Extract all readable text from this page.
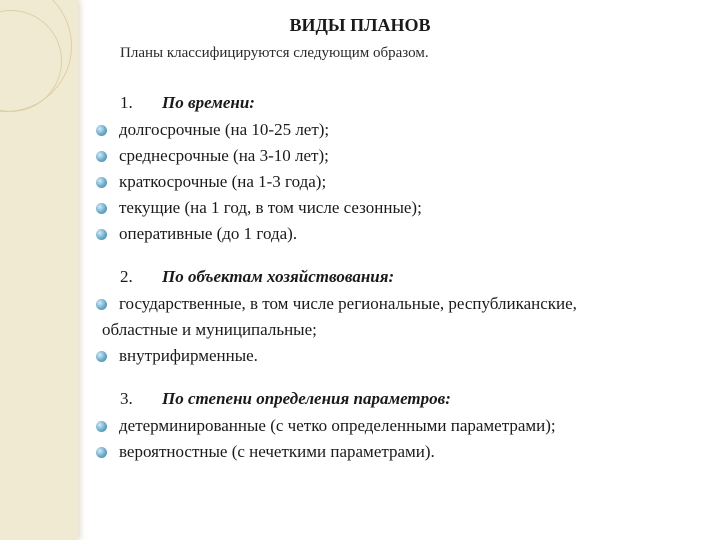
ВИДЫ ПЛАНОВ
Планы классифицируются следующим образом.
1. По времени:
долгосрочные (на 10-25 лет);
среднесрочные (на 3-10 лет);
краткосрочные (на 1-3 года);
текущие (на 1 год, в том числе сезонные);
оперативные (до 1 года).
2. По объектам хозяйствования:
государственные, в том числе региональные, республиканские,
областные и муниципальные;
внутрифирменные.
3. По степени определения параметров:
детерминированные (с четко определенными параметрами);
вероятностные (с нечеткими параметрами).
